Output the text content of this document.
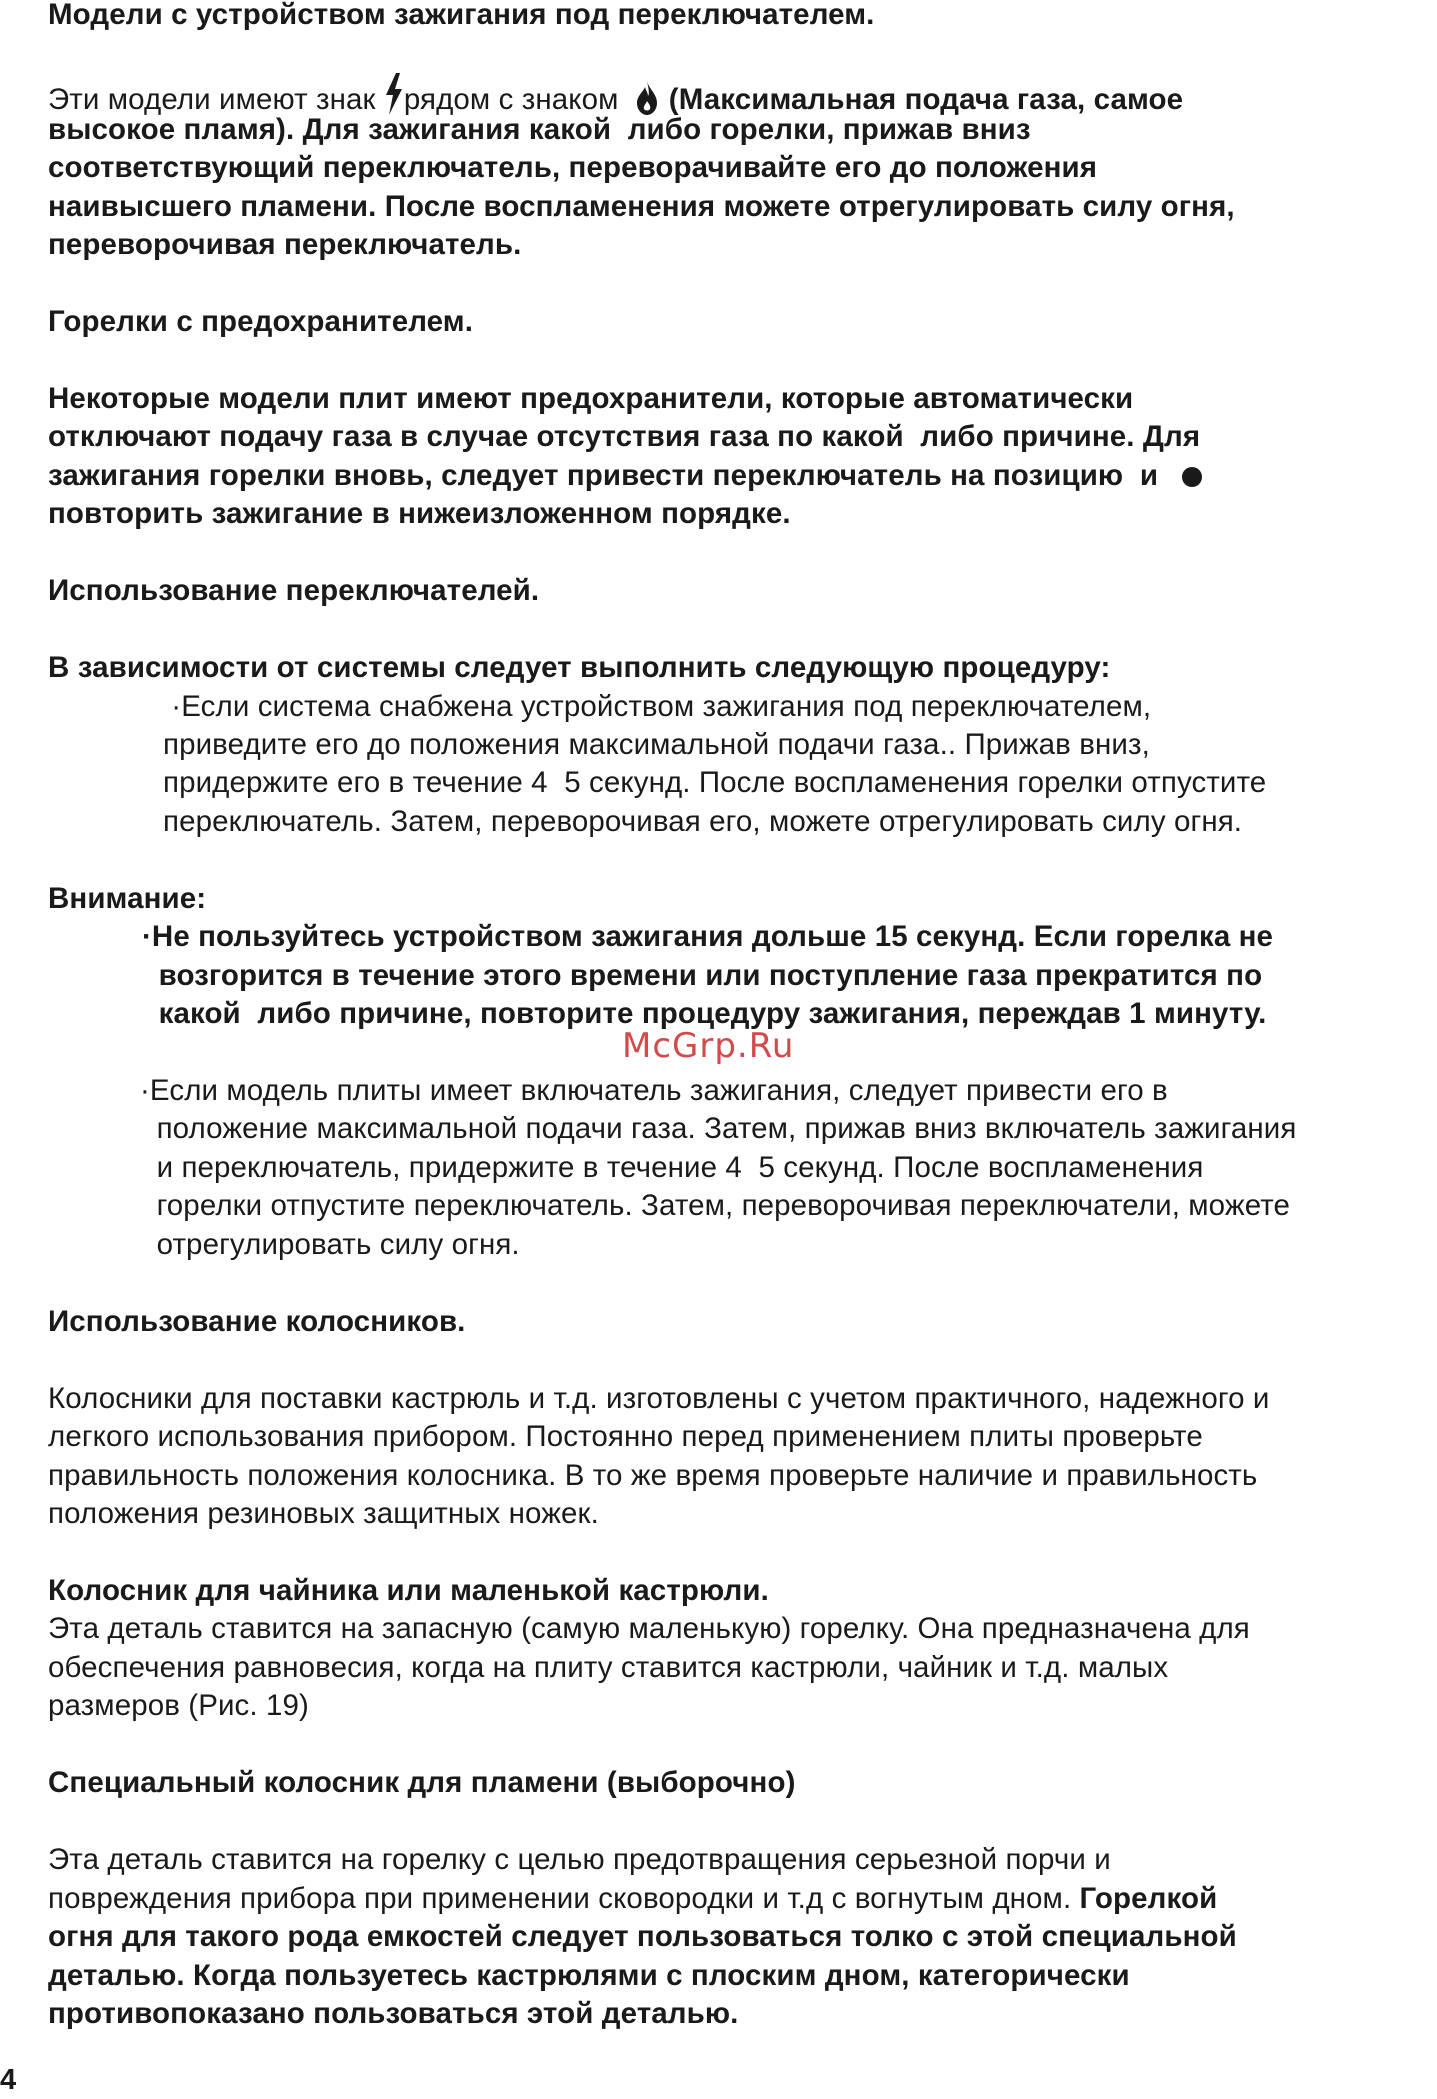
Модели с устройством зажигания под переключателем.

Эти модели имеют знак рядом с знаком (Максимальная подача газа, самое

высокое пламя). Для зажигания какой  либо горелки, прижав вниз

соответствующий переключатель, переворачивайте его до положения

наивысшего пламени. После воспламенения можете отрегулировать силу огня,

переворочивая переключатель.

Горелки с предохранителем.

Некоторые модели плит имеют предохранители, которые автоматически

отключают подачу газа в случае отсутствия газа по какой  либо причине. Для

зажигания горелки вновь, следует привести переключатель на позицию  и

повторить зажигание в нижеизложенном порядке.

Использование переключателей.

В зависимости от системы следует выполнить следующую процедуру:

·Если система снабжена устройством зажигания под переключателем,

приведите его до положения максимальной подачи газа.. Прижав вниз,

придержите его в течение 4  5 секунд. После воспламенения горелки отпустите

переключатель. Затем, переворочивая его, можете отрегулировать силу огня.

Внимание:

·Не пользуйтесь устройством зажигания дольше 15 секунд. Если горелка не

возгорится в течение этого времени или поступление газа прекратится по

какой  либо причине, повторите процедуру зажигания, переждав 1 минуту.

·Если модель плиты имеет включатель зажигания, следует привести его в

положение максимальной подачи газа. Затем, прижав вниз включатель зажигания

и переключатель, придержите в течение 4  5 секунд. После воспламенения

горелки отпустите переключатель. Затем, переворочивая переключатели, можете

отрегулировать силу огня.

Использование колосников.

Колосники для поставки кастрюль и т.д. изготовлены с учетом практичного, надежного и

легкого использования прибором. Постоянно перед применением плиты проверьте

правильность положения колосника. В то же время проверьте наличие и правильность

положения резиновых защитных ножек.

Колосник для чайника или маленькой кастрюли.

Эта деталь ставится на запасную (самую маленькую) горелку. Она предназначена для

обеспечения равновесия, когда на плиту ставится кастрюли, чайник и т.д. малых

размеров (Рис. 19)

Специальный колосник для пламени (выборочно)

Эта деталь ставится на горелку с целью предотвращения серьезной порчи и

повреждения прибора при применении сковородки и т.д с вогнутым дном. Горелкой

огня для такого рода емкостей следует пользоваться толко с этой специальной

деталью. Когда пользуетесь кастрюлями с плоским дном, категорически

противопоказано пользоваться этой деталью.

McGrp.Ru
4
